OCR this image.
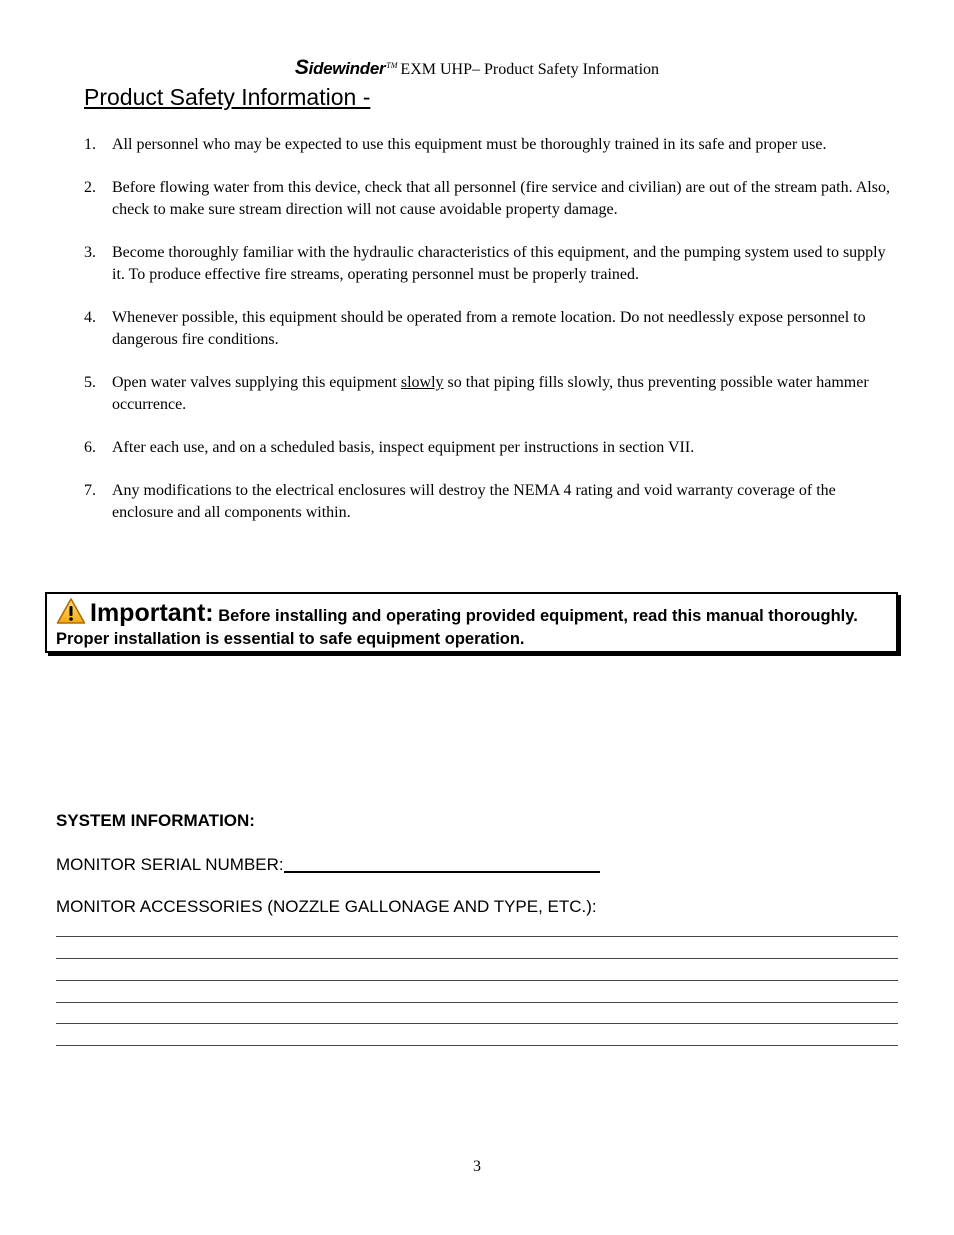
Sidewinder™ EXM UHP– Product Safety Information
Product Safety Information -
1. All personnel who may be expected to use this equipment must be thoroughly trained in its safe and proper use.
2. Before flowing water from this device, check that all personnel (fire service and civilian) are out of the stream path. Also, check to make sure stream direction will not cause avoidable property damage.
3. Become thoroughly familiar with the hydraulic characteristics of this equipment, and the pumping system used to supply it. To produce effective fire streams, operating personnel must be properly trained.
4. Whenever possible, this equipment should be operated from a remote location. Do not needlessly expose personnel to dangerous fire conditions.
5. Open water valves supplying this equipment slowly so that piping fills slowly, thus preventing possible water hammer occurrence.
6. After each use, and on a scheduled basis, inspect equipment per instructions in section VII.
7. Any modifications to the electrical enclosures will destroy the NEMA 4 rating and void warranty coverage of the enclosure and all components within.
Important: Before installing and operating provided equipment, read this manual thoroughly. Proper installation is essential to safe equipment operation.
SYSTEM INFORMATION:
MONITOR SERIAL NUMBER:
MONITOR ACCESSORIES (NOZZLE GALLONAGE AND TYPE, ETC.):
3
